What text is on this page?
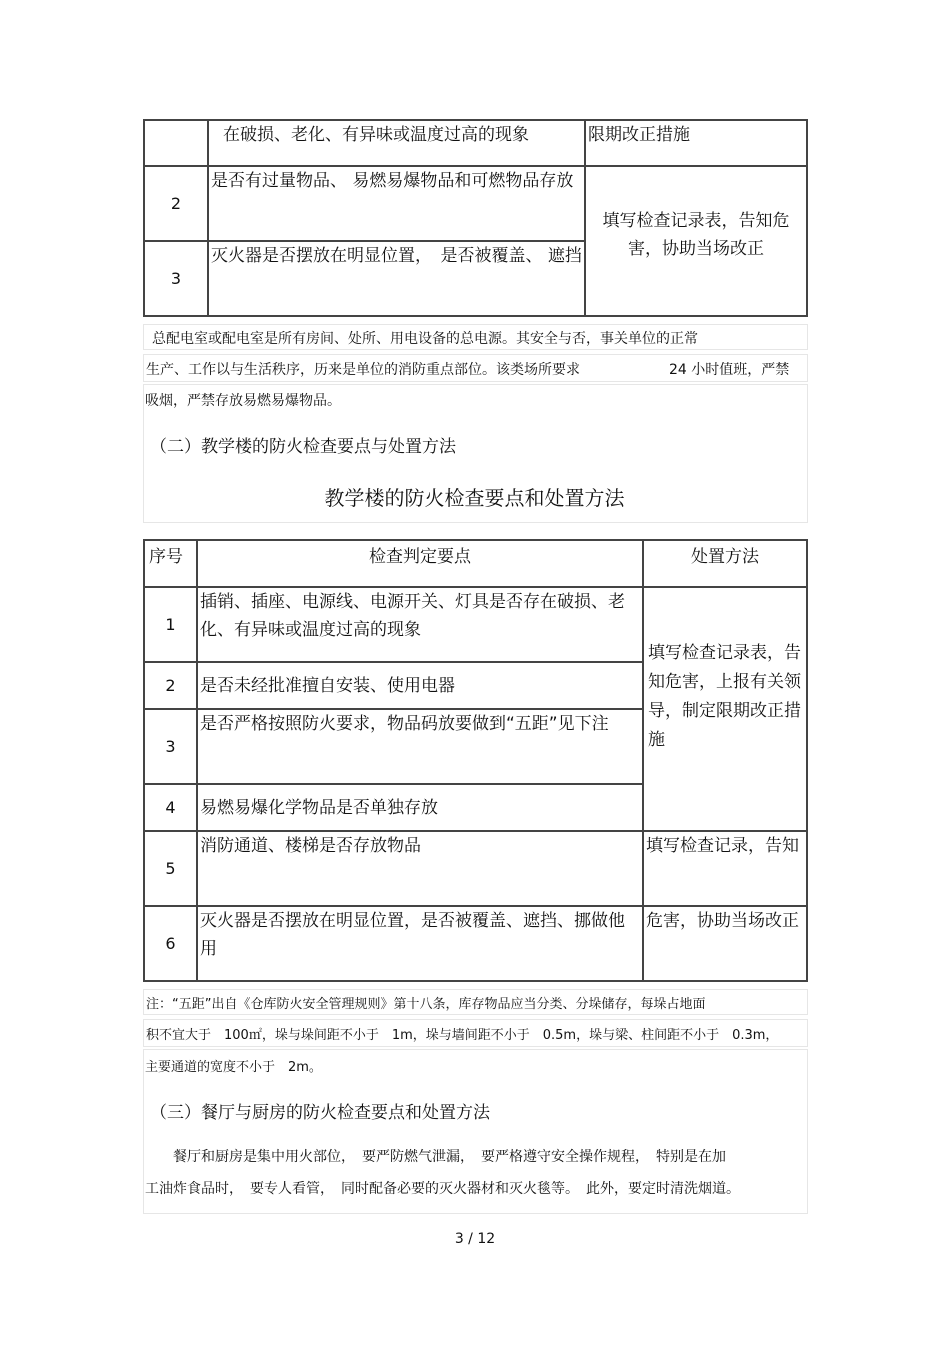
	在破损、老化、有异味或温度过高的现象	限期改正措施
2	是否有过量物品、 易燃易爆物品和可燃物品存放	填写检查记录表，告知危害，协助当场改正
3	灭火器是否摆放在明显位置，　是否被覆盖、 遮挡	
总配电室或配电室是所有房间、处所、用电设备的总电源。其安全与否，事关单位的正常
生产、工作以与生活秩序，历来是单位的消防重点部位。该类场所要求	24 小时值班，严禁
吸烟，严禁存放易燃易爆物品。
（二）教学楼的防火检查要点与处置方法
教学楼的防火检查要点和处置方法
序号	检查判定要点	处置方法
1	插销、插座、电源线、电源开关、灯具是否存在破损、老化、有异味或温度过高的现象	填写检查记录表，告知危害，上报有关领导，制定限期改正措施
2	是否未经批准擅自安装、使用电器	
3	是否严格按照防火要求，物品码放要做到“五距”见下注	
4	易燃易爆化学物品是否单独存放	
5	消防通道、楼梯是否存放物品	填写检查记录，告知
6	灭火器是否摆放在明显位置，是否被覆盖、遮挡、挪做他用	危害，协助当场改正
注：“五距”出自《仓库防火安全管理规则》第十八条，库存物品应当分类、分垛储存，每垛占地面
积不宜大于　100㎡，垛与垛间距不小于　1m，垛与墙间距不小于　0.5m，垛与梁、柱间距不小于　0.3m，
主要通道的宽度不小于　2m。
（三）餐厅与厨房的防火检查要点和处置方法
　　餐厅和厨房是集中用火部位，　要严防燃气泄漏，　要严格遵守安全操作规程，　特别是在加
工油炸食品时，　要专人看管，　同时配备必要的灭火器材和灭火毯等。　此外，要定时清洗烟道。
3 / 12
